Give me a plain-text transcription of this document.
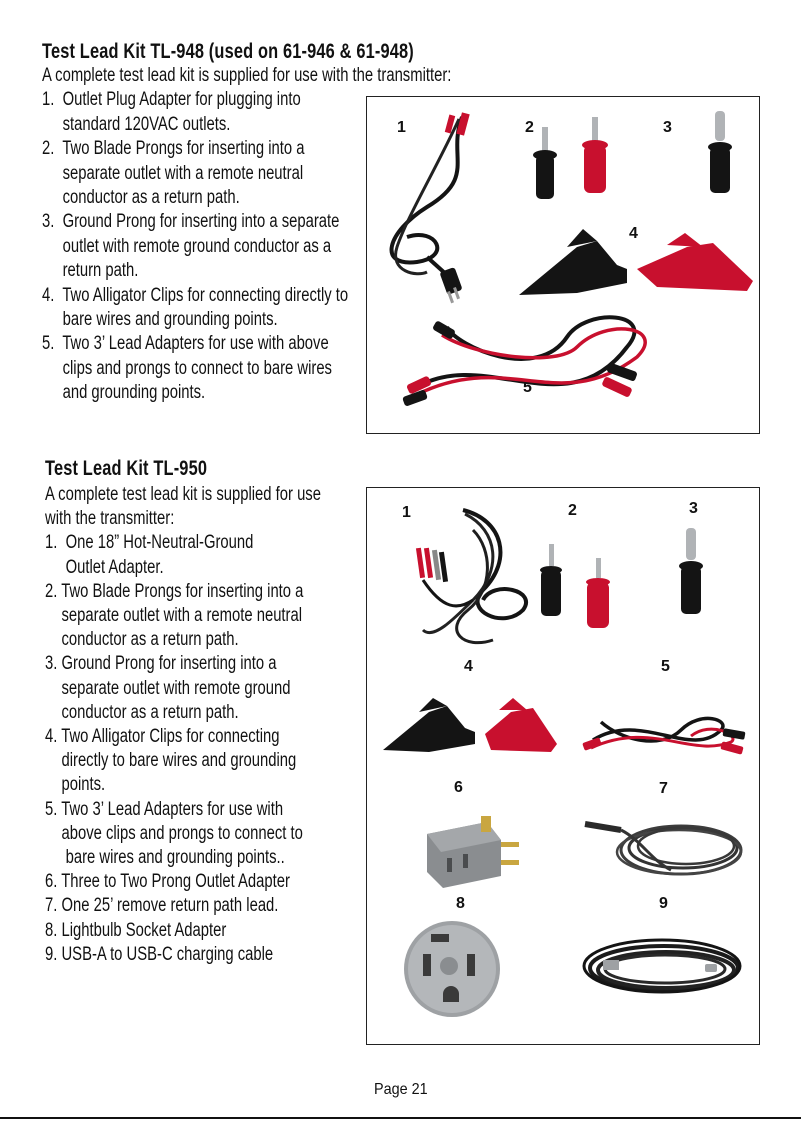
Test Lead Kit TL-948 (used on 61-946 & 61-948)
A complete test lead kit is supplied for use with the transmitter:
1.  Outlet Plug Adapter for plugging into
standard 120VAC outlets.
2.  Two Blade Prongs for inserting into a
separate outlet with a remote neutral
conductor as a return path.
3.  Ground Prong for inserting into a separate
outlet with remote ground conductor as a
return path.
4.  Two Alligator Clips for connecting directly to
bare wires and grounding points.
5.  Two 3’ Lead Adapters for use with above
clips and prongs to connect to bare wires
and grounding points.
1	2	3
4
5
Test Lead Kit TL-950
A complete test lead kit is supplied for use
with the transmitter:
1.  One 18” Hot-Neutral-Ground
Outlet Adapter.
2. Two Blade Prongs for inserting into a
separate outlet with a remote neutral
conductor as a return path.
3. Ground Prong for inserting into a
separate outlet with remote ground
conductor as a return path.
4. Two Alligator Clips for connecting
directly to bare wires and grounding
points.
5. Two 3’ Lead Adapters for use with
above clips and prongs to connect to
bare wires and grounding points..
6. Three to Two Prong Outlet Adapter
7. One 25’ remove return path lead.
8. Lightbulb Socket Adapter
9. USB-A to USB-C charging cable
1	2	3
4	5
6	7
8	9
Page 21
